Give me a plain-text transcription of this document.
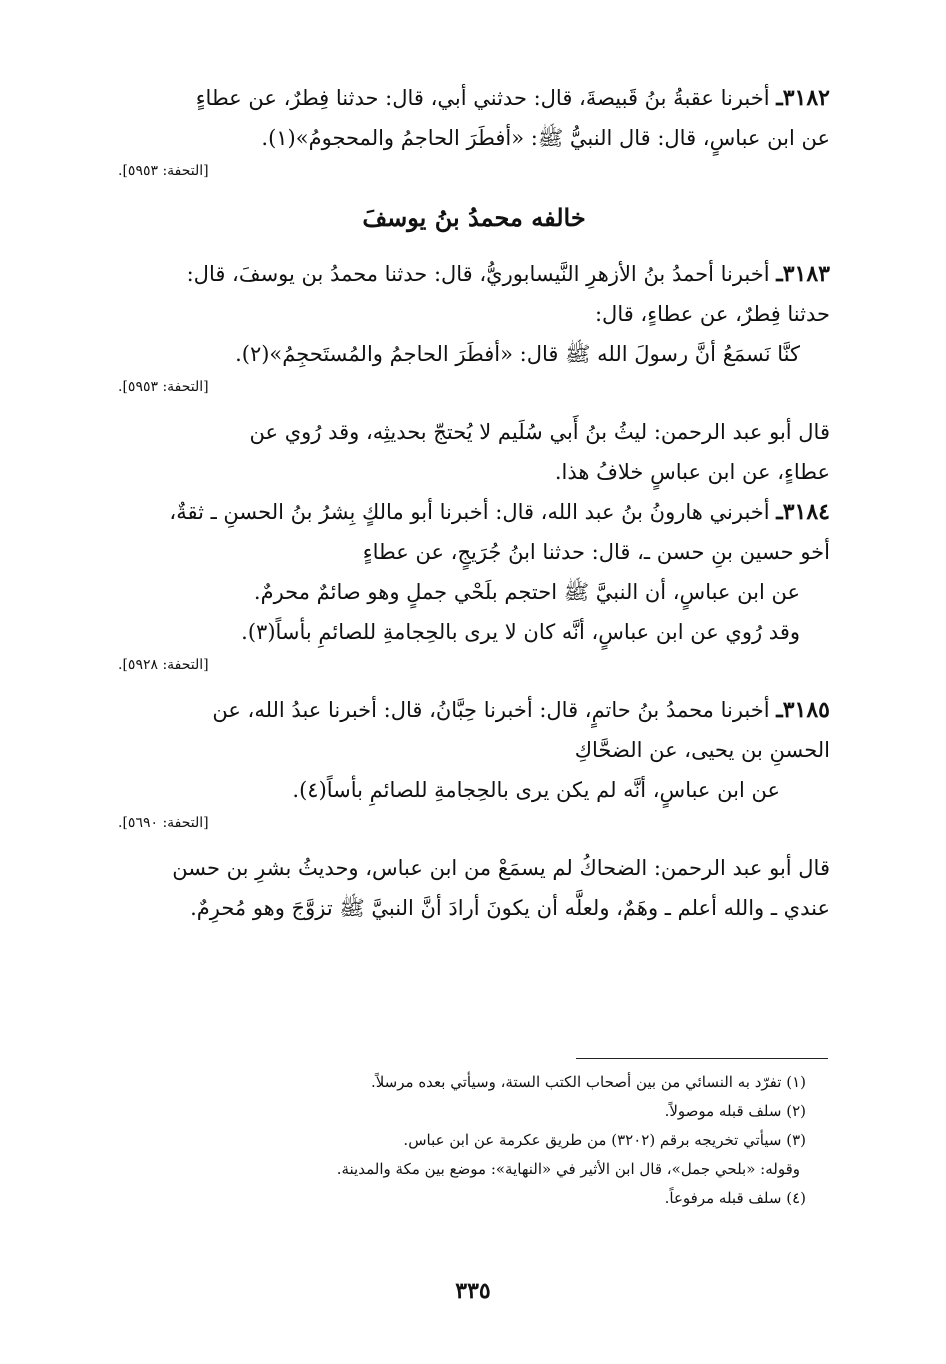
٣١٨٢ـ أخبرنا عقبةُ بنُ قَبيصةَ، قال: حدثني أبي، قال: حدثنا فِطرٌ، عن عطاءٍ

عن ابن عباسٍ، قال: قال النبيُّ ﷺ: «أفطَرَ الحاجمُ والمحجومُ»(١).

[التحفة: ٥٩٥٣].
خالفه محمدُ بنُ يوسفَ

٣١٨٣ـ أخبرنا أحمدُ بنُ الأزهرِ النَّيسابوريُّ، قال: حدثنا محمدُ بن يوسفَ، قال:

حدثنا فِطرٌ، عن عطاءٍ، قال:

كنَّا نَسمَعُ أنَّ رسولَ الله ﷺ قال: «أفطَرَ الحاجمُ والمُستَحجِمُ»(٢).

[التحفة: ٥٩٥٣].

قال أبو عبد الرحمن: ليثُ بنُ أَبي سُلَيم لا يُحتجّ بحديثِه، وقد رُوي عن

عطاءٍ، عن ابن عباسٍ خلافُ هذا.

٣١٨٤ـ أخبرني هارونُ بنُ عبد الله، قال: أخبرنا أبو مالكٍ بِشرُ بنُ الحسنِ ـ ثقةٌ،

أخو حسين بنِ حسن ـ، قال: حدثنا ابنُ جُرَيجٍ، عن عطاءٍ

عن ابن عباسٍ، أن النبيَّ ﷺ احتجم بلَحْي جملٍ وهو صائمٌ محرمٌ.

وقد رُوي عن ابن عباسٍ، أنَّه كان لا يرى بالحِجامةِ للصائمِ بأساً(٣).

[التحفة: ٥٩٢٨].

٣١٨٥ـ أخبرنا محمدُ بنُ حاتمٍ، قال: أخبرنا حِبَّانُ، قال: أخبرنا عبدُ الله، عن

الحسنِ بن يحيى، عن الضحَّاكِ

عن ابن عباسٍ، أنَّه لم يكن يرى بالحِجامةِ للصائمِ بأساً(٤).

[التحفة: ٥٦٩٠].

قال أبو عبد الرحمن: الضحاكُ لم يسمَعْ من ابن عباس، وحديثُ بشرِ بن حسن

عندي ـ والله أعلم ـ وهَمٌ، ولعلَّه أن يكونَ أرادَ أنَّ النبيَّ ﷺ تزوَّجَ وهو مُحرِمٌ.

(١) تفرّد به النسائي من بين أصحاب الكتب الستة، وسيأتي بعده مرسلاً.

(٢) سلف قبله موصولاً.

(٣) سيأتي تخريجه برقم (٣٢٠٢) من طريق عكرمة عن ابن عباس.

وقوله: «بلحي جمل»، قال ابن الأثير في «النهاية»: موضع بين مكة والمدينة.

(٤) سلف قبله مرفوعاً.

٣٣٥
